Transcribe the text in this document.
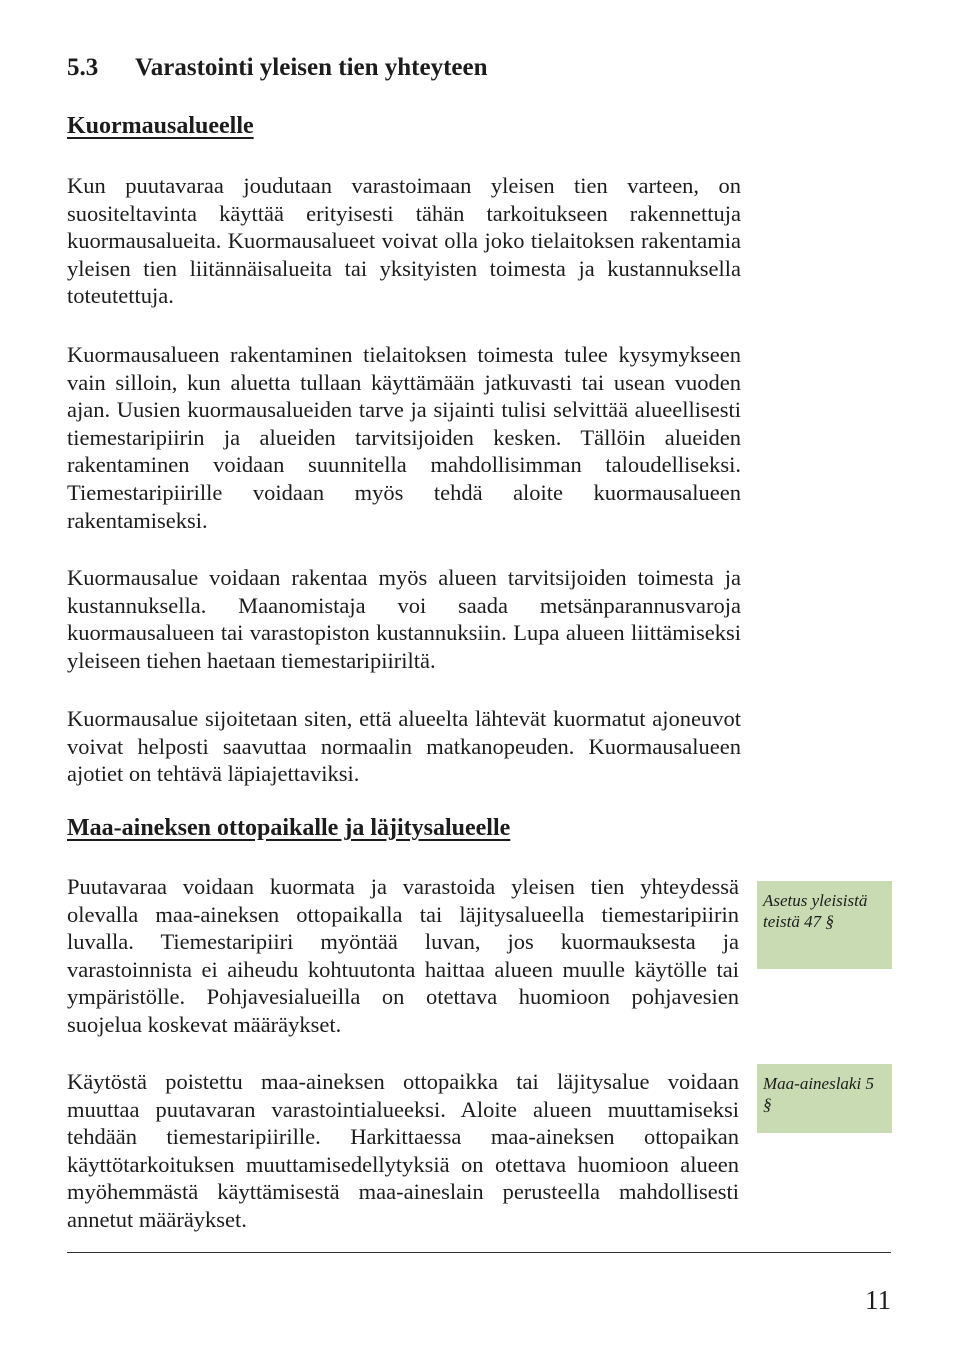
5.3 Varastointi yleisen tien yhteyteen
Kuormausalueelle

Kun puutavaraa joudutaan varastoimaan yleisen tien varteen, on suositeltavinta käyttää erityisesti tähän tarkoitukseen rakennettuja kuormausalueita. Kuormausalueet voivat olla joko tielaitoksen rakentamia yleisen tien liitännäisalueita tai yksityisten toimesta ja kustannuksella toteutettuja.

Kuormausalueen rakentaminen tielaitoksen toimesta tulee kysymykseen vain silloin, kun aluetta tullaan käyttämään jatkuvasti tai usean vuoden ajan. Uusien kuormausalueiden tarve ja sijainti tulisi selvittää alueellisesti tiemestaripiirin ja alueiden tarvitsijoiden kesken. Tällöin alueiden rakentaminen voidaan suunnitella mahdollisimman taloudelliseksi. Tiemestaripiirille voidaan myös tehdä aloite kuormausalueen rakentamiseksi.

Kuormausalue voidaan rakentaa myös alueen tarvitsijoiden toimesta ja kustannuksella. Maanomistaja voi saada metsänparannusvaroja kuormausalueen tai varastopiston kustannuksiin. Lupa alueen liittämiseksi yleiseen tiehen haetaan tiemestaripiiriltä.

Kuormausalue sijoitetaan siten, että alueelta lähtevät kuormatut ajoneuvot voivat helposti saavuttaa normaalin matkanopeuden. Kuormausalueen ajotiet on tehtävä läpiajettaviksi.

Maa-aineksen ottopaikalle ja läjitysalueelle

Puutavaraa voidaan kuormata ja varastoida yleisen tien yhteydessä olevalla maa-aineksen ottopaikalla tai läjitysalueella tiemestaripiirin luvalla. Tiemestaripiiri myöntää luvan, jos kuormauksesta ja varastoinnista ei aiheudu kohtuutonta haittaa alueen muulle käytölle tai ympäristölle. Pohjavesialueilla on otettava huomioon pohjavesien suojelua koskevat määräykset.

Asetus yleisistä teistä 47 §

Käytöstä poistettu maa-aineksen ottopaikka tai läjitysalue voidaan muuttaa puutavaran varastointialueeksi. Aloite alueen muuttamiseksi tehdään tiemestaripiirille. Harkittaessa maa-aineksen ottopaikan käyttötarkoituksen muuttamisedellytyksiä on otettava huomioon alueen myöhemmästä käyttämisestä maa-aineslain perusteella mahdollisesti annetut määräykset.

Maa-aineslaki 5 §

11
